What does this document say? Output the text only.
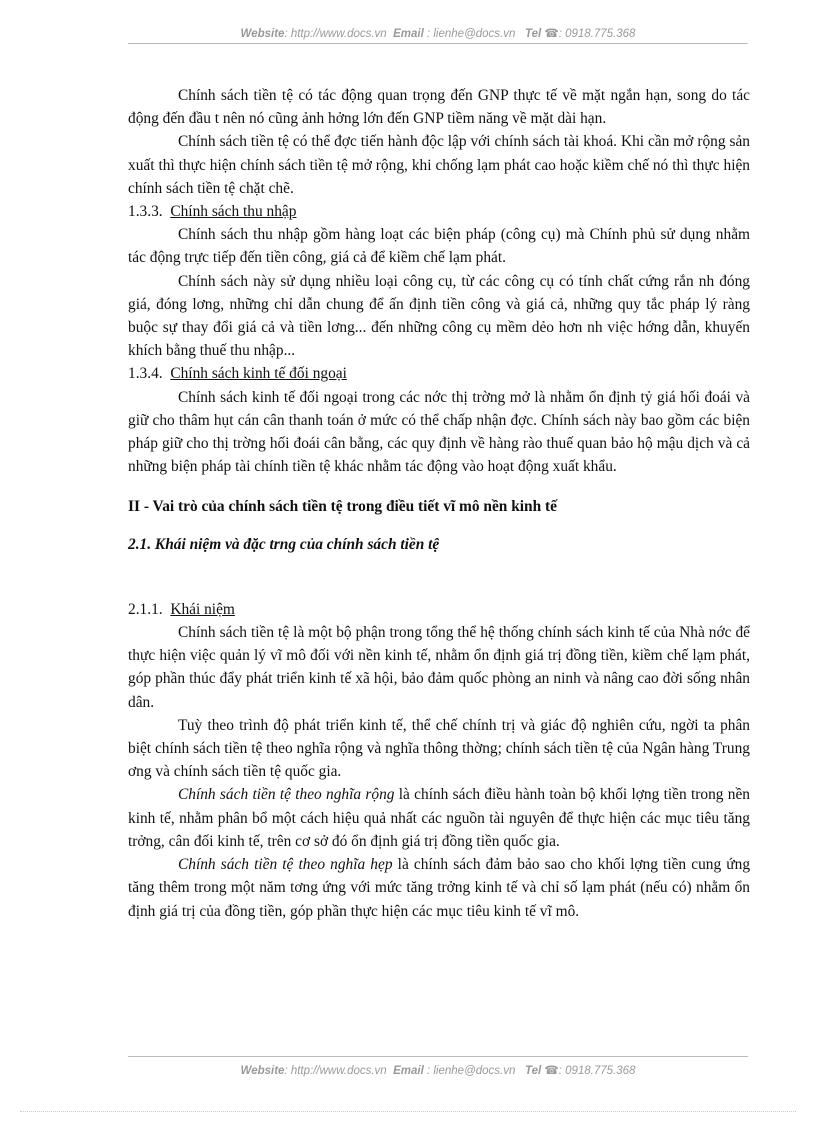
Website: http://www.docs.vn Email : lienhe@docs.vn Tel ☎: 0918.775.368

Chính sách tiền tệ có tác động quan trọng đến GNP thực tế về mặt ngắn hạn, song do tác động đến đầu t nên nó cũng ảnh hởng lớn đến GNP tiềm năng về mặt dài hạn.

Chính sách tiền tệ có thể đợc tiến hành độc lập với chính sách tài khoá. Khi cần mở rộng sản xuất thì thực hiện chính sách tiền tệ mở rộng, khi chống lạm phát cao hoặc kiềm chế nó thì thực hiện chính sách tiền tệ chặt chẽ.

1.3.3. Chính sách thu nhập

Chính sách thu nhập gồm hàng loạt các biện pháp (công cụ) mà Chính phủ sử dụng nhằm tác động trực tiếp đến tiền công, giá cả để kiềm chế lạm phát.

Chính sách này sử dụng nhiều loại công cụ, từ các công cụ có tính chất cứng rắn nh đóng giá, đóng lơng, những chỉ dẫn chung để ấn định tiền công và giá cả, những quy tắc pháp lý ràng buộc sự thay đổi giá cả và tiền lơng... đến những công cụ mềm dẻo hơn nh việc hớng dẫn, khuyến khích bằng thuế thu nhập...

1.3.4. Chính sách kinh tế đối ngoại

Chính sách kinh tế đối ngoại trong các nớc thị trờng mở là nhằm ổn định tỷ giá hối đoái và giữ cho thâm hụt cán cân thanh toán ở mức có thể chấp nhận đợc. Chính sách này bao gồm các biện pháp giữ cho thị trờng hối đoái cân bằng, các quy định về hàng rào thuế quan bảo hộ mậu dịch và cả những biện pháp tài chính tiền tệ khác nhằm tác động vào hoạt động xuất khẩu.

II - Vai trò của chính sách tiền tệ trong điều tiết vĩ mô nền kinh tế

2.1. Khái niệm và đặc trng của chính sách tiền tệ

2.1.1. Khái niệm

Chính sách tiền tệ là một bộ phận trong tổng thể hệ thống chính sách kinh tế của Nhà nớc để thực hiện việc quản lý vĩ mô đối với nền kinh tế, nhằm ổn định giá trị đồng tiền, kiềm chế lạm phát, góp phần thúc đẩy phát triển kinh tế xã hội, bảo đảm quốc phòng an ninh và nâng cao đời sống nhân dân.

Tuỳ theo trình độ phát triển kinh tế, thể chế chính trị và giác độ nghiên cứu, ngời ta phân biệt chính sách tiền tệ theo nghĩa rộng và nghĩa thông thờng; chính sách tiền tệ của Ngân hàng Trung ơng và chính sách tiền tệ quốc gia.

Chính sách tiền tệ theo nghĩa rộng là chính sách điều hành toàn bộ khối lợng tiền trong nền kinh tế, nhằm phân bổ một cách hiệu quả nhất các nguồn tài nguyên để thực hiện các mục tiêu tăng trởng, cân đối kinh tế, trên cơ sở đó ổn định giá trị đồng tiền quốc gia.

Chính sách tiền tệ theo nghĩa hẹp là chính sách đảm bảo sao cho khối lợng tiền cung ứng tăng thêm trong một năm tơng ứng với mức tăng trởng kinh tế và chỉ số lạm phát (nếu có) nhằm ổn định giá trị của đồng tiền, góp phần thực hiện các mục tiêu kinh tế vĩ mô.

Website: http://www.docs.vn Email : lienhe@docs.vn Tel ☎: 0918.775.368
